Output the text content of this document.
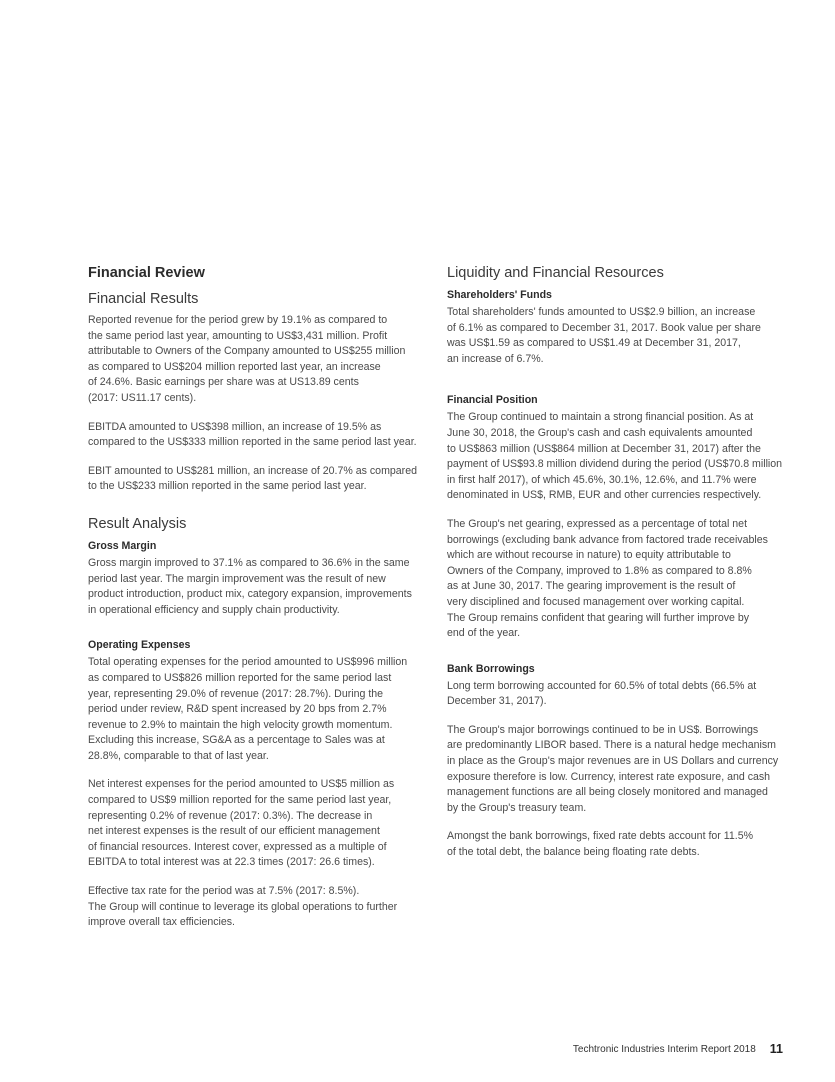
Financial Review
Financial Results

Reported revenue for the period grew by 19.1% as compared to
the same period last year, amounting to US$3,431 million. Profit
attributable to Owners of the Company amounted to US$255 million
as compared to US$204 million reported last year, an increase
of 24.6%. Basic earnings per share was at US13.89 cents
(2017: US11.17 cents).

EBITDA amounted to US$398 million, an increase of 19.5% as
compared to the US$333 million reported in the same period last year.

EBIT amounted to US$281 million, an increase of 20.7% as compared
to the US$233 million reported in the same period last year.

Result Analysis
Gross Margin

Gross margin improved to 37.1% as compared to 36.6% in the same
period last year. The margin improvement was the result of new
product introduction, product mix, category expansion, improvements
in operational efficiency and supply chain productivity.

Operating Expenses

Total operating expenses for the period amounted to US$996 million
as compared to US$826 million reported for the same period last
year, representing 29.0% of revenue (2017: 28.7%). During the
period under review, R&D spent increased by 20 bps from 2.7%
revenue to 2.9% to maintain the high velocity growth momentum.
Excluding this increase, SG&A as a percentage to Sales was at
28.8%, comparable to that of last year.

Net interest expenses for the period amounted to US$5 million as
compared to US$9 million reported for the same period last year,
representing 0.2% of revenue (2017: 0.3%). The decrease in
net interest expenses is the result of our efficient management
of financial resources. Interest cover, expressed as a multiple of
EBITDA to total interest was at 22.3 times (2017: 26.6 times).

Effective tax rate for the period was at 7.5% (2017: 8.5%).
The Group will continue to leverage its global operations to further
improve overall tax efficiencies.

Liquidity and Financial Resources
Shareholders' Funds

Total shareholders' funds amounted to US$2.9 billion, an increase
of 6.1% as compared to December 31, 2017. Book value per share
was US$1.59 as compared to US$1.49 at December 31, 2017,
an increase of 6.7%.

Financial Position

The Group continued to maintain a strong financial position. As at
June 30, 2018, the Group's cash and cash equivalents amounted
to US$863 million (US$864 million at December 31, 2017) after the
payment of US$93.8 million dividend during the period (US$70.8 million
in first half 2017), of which 45.6%, 30.1%, 12.6%, and 11.7% were
denominated in US$, RMB, EUR and other currencies respectively.

The Group's net gearing, expressed as a percentage of total net
borrowings (excluding bank advance from factored trade receivables
which are without recourse in nature) to equity attributable to
Owners of the Company, improved to 1.8% as compared to 8.8%
as at June 30, 2017. The gearing improvement is the result of
very disciplined and focused management over working capital.
The Group remains confident that gearing will further improve by
end of the year.

Bank Borrowings

Long term borrowing accounted for 60.5% of total debts (66.5% at
December 31, 2017).

The Group's major borrowings continued to be in US$. Borrowings
are predominantly LIBOR based. There is a natural hedge mechanism
in place as the Group's major revenues are in US Dollars and currency
exposure therefore is low. Currency, interest rate exposure, and cash
management functions are all being closely monitored and managed
by the Group's treasury team.

Amongst the bank borrowings, fixed rate debts account for 11.5%
of the total debt, the balance being floating rate debts.

Techtronic Industries Interim Report 2018 11
